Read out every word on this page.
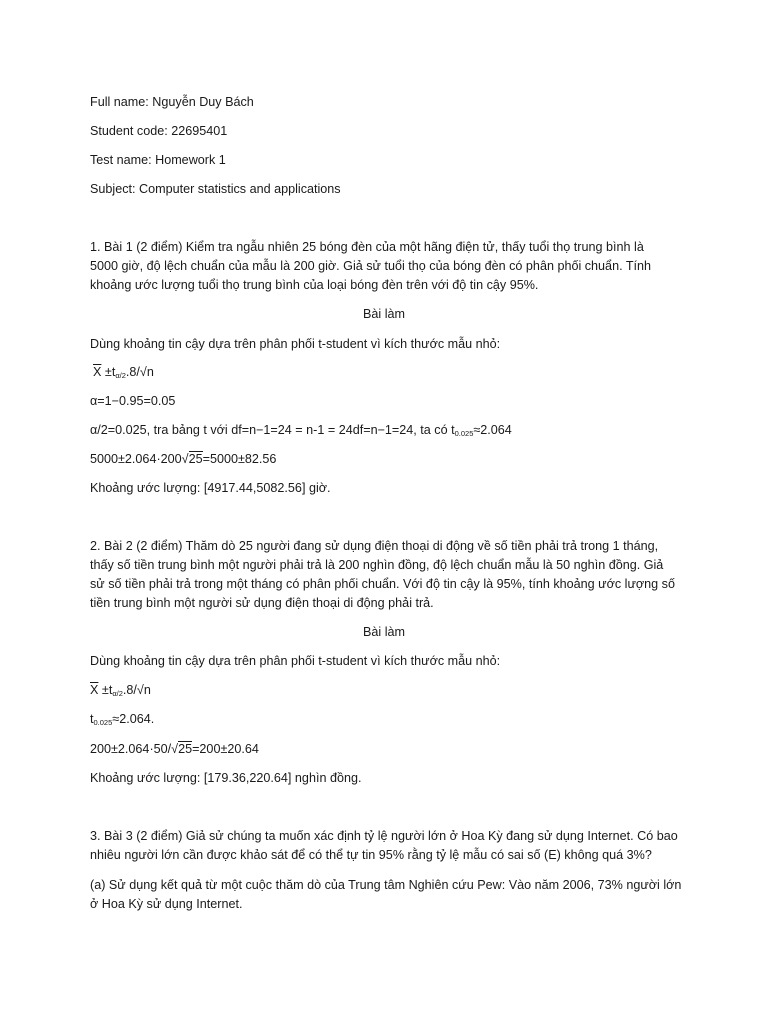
Full name: Nguyễn Duy Bách
Student code: 22695401
Test name: Homework 1
Subject: Computer statistics and applications
1. Bài 1 (2 điểm) Kiểm tra ngẫu nhiên 25 bóng đèn của một hãng điện tử, thấy tuổi thọ trung bình là
5000 giờ, độ lệch chuẩn của mẫu là 200 giờ. Giả sử tuổi thọ của bóng đèn có phân phối chuẩn. Tính
khoảng ước lượng tuổi thọ trung bình của loại bóng đèn trên với độ tin cậy 95%.
Bài làm
Dùng khoảng tin cậy dựa trên phân phối t-student vì kích thước mẫu nhỏ:
$\overline{X} \pm t_{\alpha/2}.8/√n$
α=1−0.95=0.05
α/2=0.025, tra bảng t với df=n−1=24 = n-1 = 24df=n−1=24, ta có $t_{0.025}\approx 2.064$
5000±2.064·200√25=5000±82.56
Khoảng ước lượng: [4917.44,5082.56] giờ.
2. Bài 2 (2 điểm) Thăm dò 25 người đang sử dụng điện thoại di động về số tiền phải trả trong 1 tháng,
thấy số tiền trung bình một người phải trả là 200 nghìn đồng, độ lệch chuẩn mẫu là 50 nghìn đồng. Giả
sử số tiền phải trả trong một tháng có phân phối chuẩn. Với độ tin cậy là 95%, tính khoảng ước lượng số
tiền trung bình một người sử dụng điện thoại di động phải trả.
Bài làm
Dùng khoảng tin cậy dựa trên phân phối t-student vì kích thước mẫu nhỏ:
$\overline{X} \pm t_{\alpha/2}.8/√n$
$t_{0.025}\approx 2.064$.
200±2.064·50/√25=200±20.64
Khoảng ước lượng: [179.36,220.64] nghìn đồng.
3. Bài 3 (2 điểm) Giả sử chúng ta muốn xác định tỷ lệ người lớn ở Hoa Kỳ đang sử dụng Internet. Có bao
nhiêu người lớn cần được khảo sát để có thể tự tin 95% rằng tỷ lệ mẫu có sai số (E) không quá 3%?
(a) Sử dụng kết quả từ một cuộc thăm dò của Trung tâm Nghiên cứu Pew: Vào năm 2006, 73% người lớn
ở Hoa Kỳ sử dụng Internet.
